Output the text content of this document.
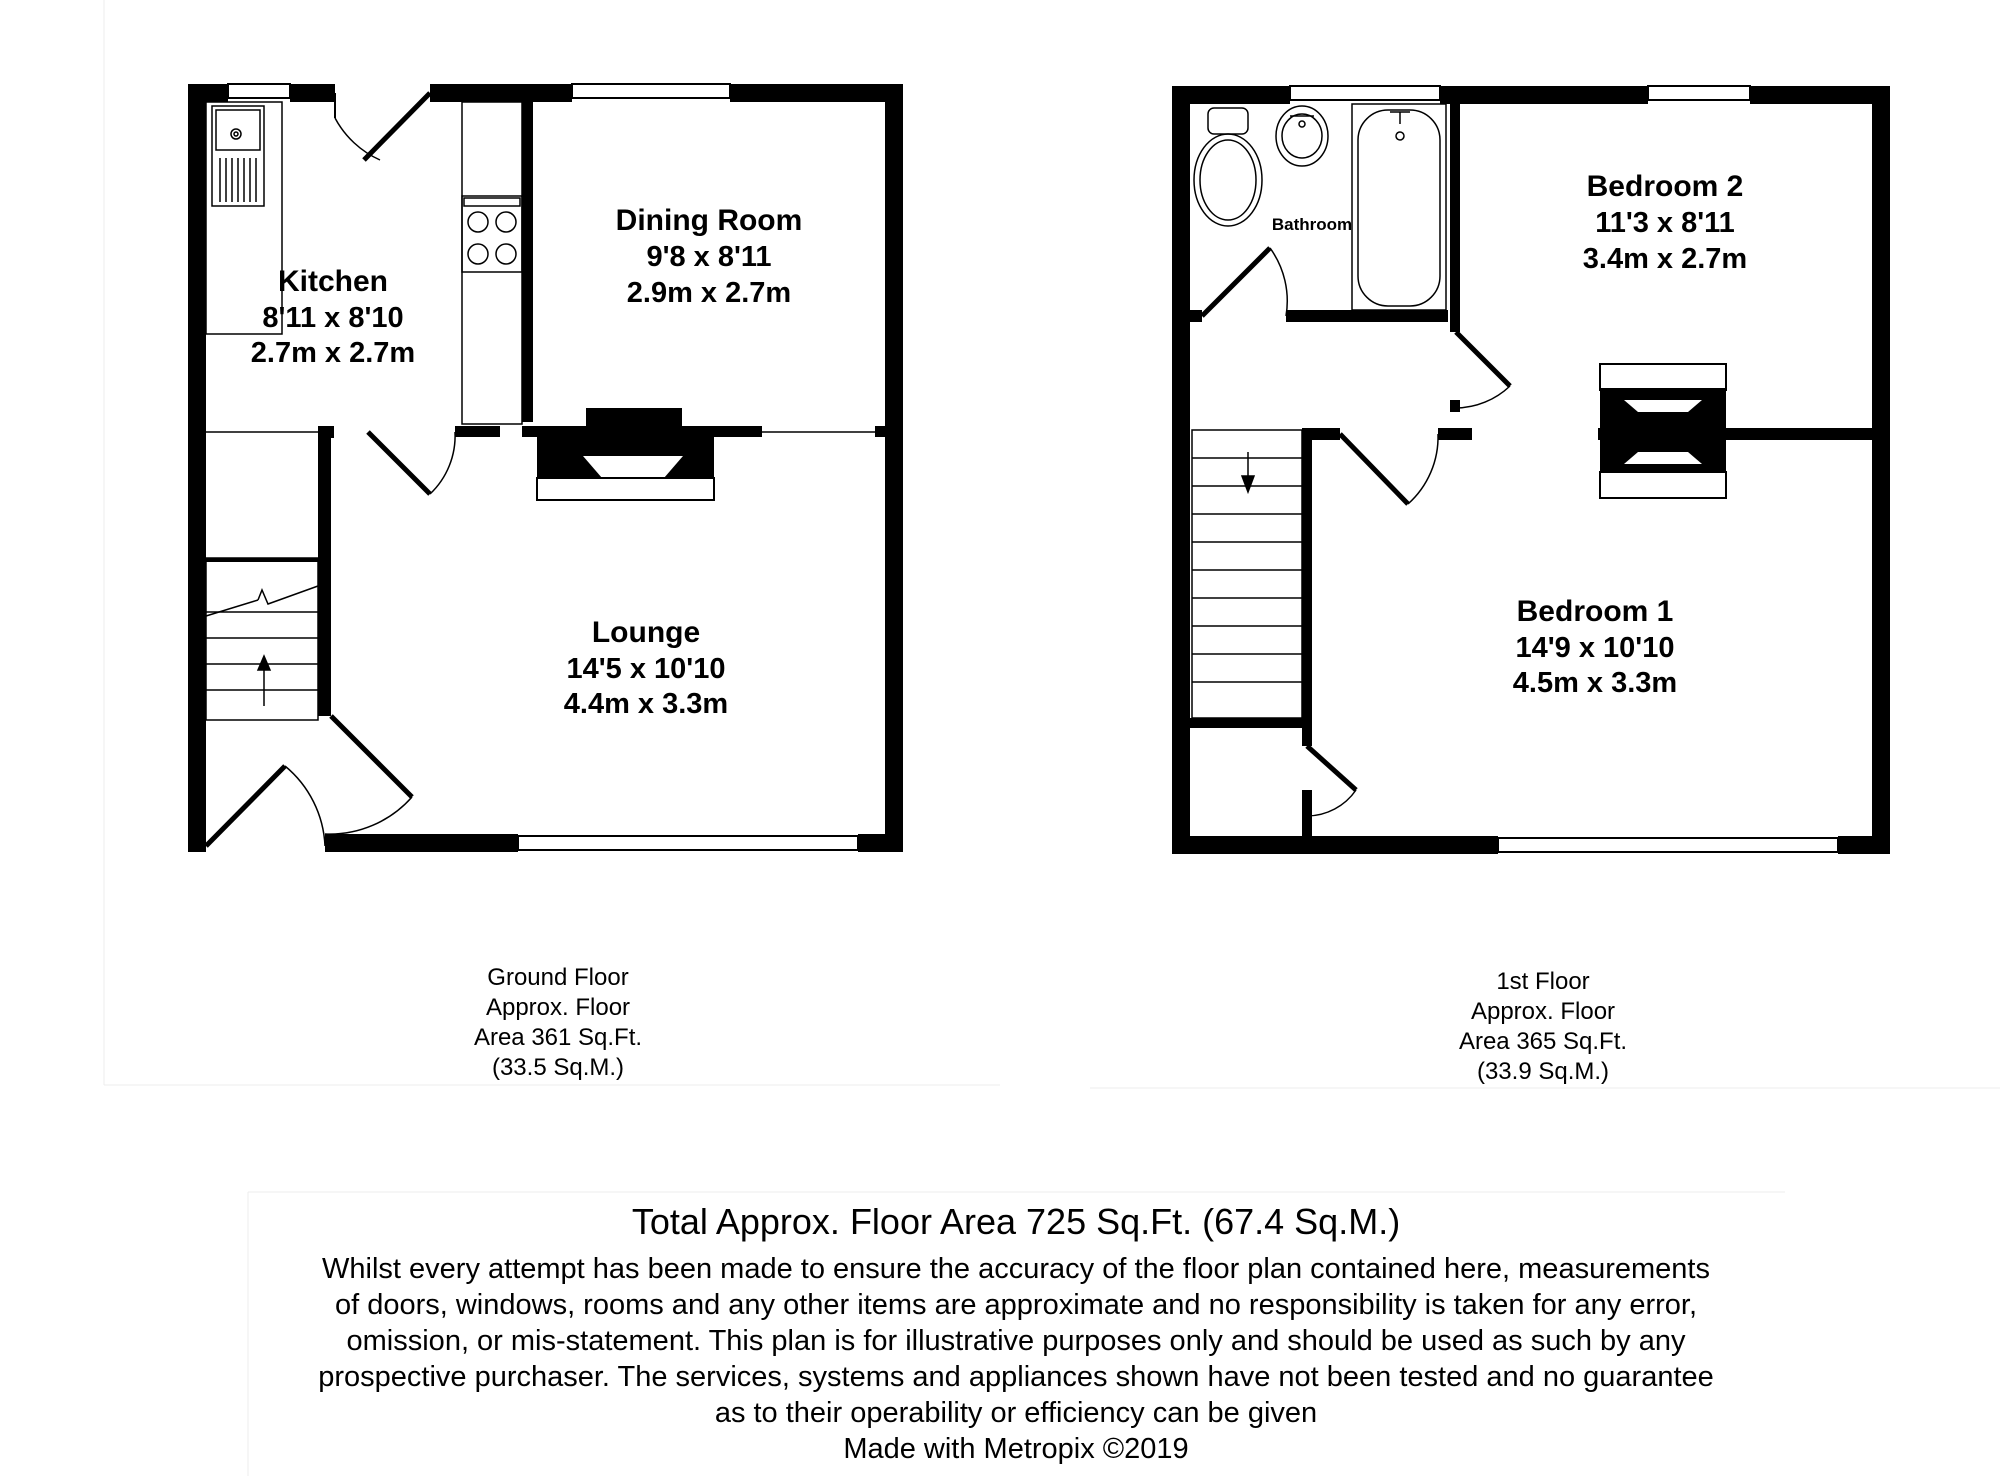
Kitchen
8'11 x 8'10
2.7m x 2.7m
Dining Room
9'8 x 8'11
2.9m x 2.7m
Lounge
14'5 x 10'10
4.4m x 3.3m
Ground Floor
Approx. Floor
Area 361 Sq.Ft.
(33.5 Sq.M.)
Bathroom
Bedroom 2
11'3 x 8'11
3.4m x 2.7m
Bedroom 1
14'9 x 10'10
4.5m x 3.3m
1st Floor
Approx. Floor
Area 365 Sq.Ft.
(33.9 Sq.M.)
Total Approx. Floor Area 725 Sq.Ft. (67.4 Sq.M.)
Whilst every attempt has been made to ensure the accuracy of the floor plan contained here, measurements
of doors, windows, rooms and any other items are approximate and no responsibility is taken for any error,
omission, or mis-statement. This plan is for illustrative purposes only and should be used as such by any
prospective purchaser. The services, systems and appliances shown have not been tested and no guarantee
as to their operability or efficiency can be given
Made with Metropix ©2019
